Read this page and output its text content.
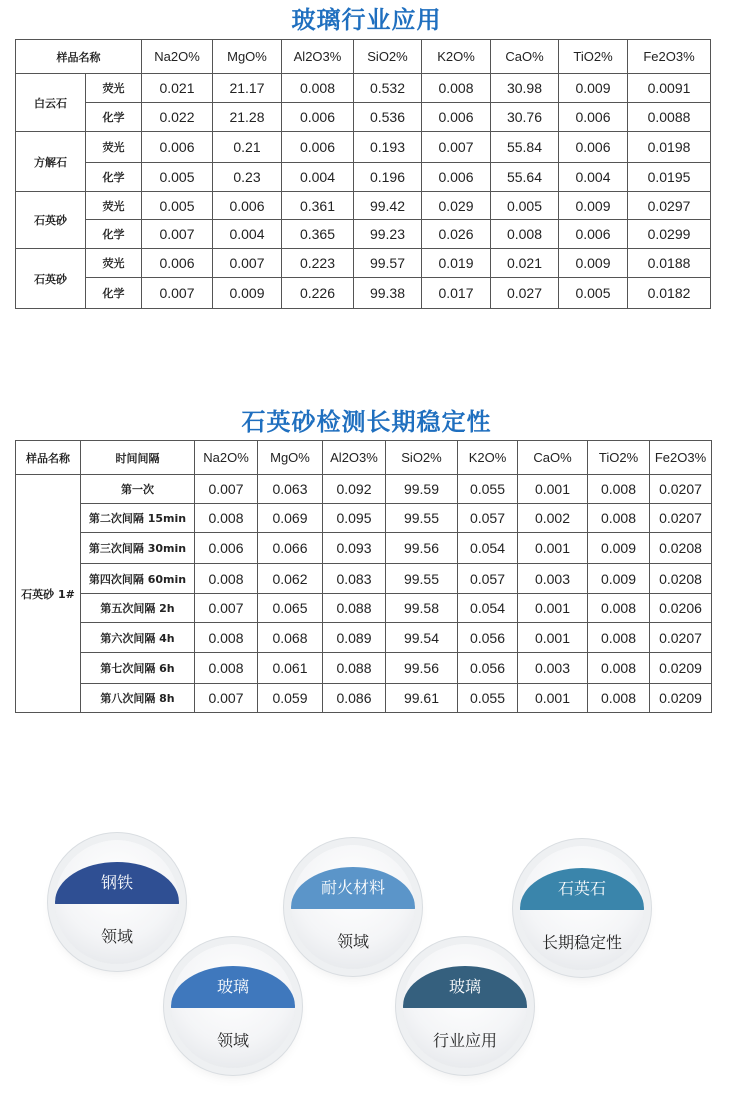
玻璃行业应用
样品名称		Na2O%	MgO%	Al2O3%	SiO2%	K2O%	CaO%	TiO2%	Fe2O3%
白云石	荧光	0.021	21.17	0.008	0.532	0.008	30.98	0.009	0.0091
	化学	0.022	21.28	0.006	0.536	0.006	30.76	0.006	0.0088
方解石	荧光	0.006	0.21	0.006	0.193	0.007	55.84	0.006	0.0198
	化学	0.005	0.23	0.004	0.196	0.006	55.64	0.004	0.0195
石英砂	荧光	0.005	0.006	0.361	99.42	0.029	0.005	0.009	0.0297
	化学	0.007	0.004	0.365	99.23	0.026	0.008	0.006	0.0299
石英砂	荧光	0.006	0.007	0.223	99.57	0.019	0.021	0.009	0.0188
	化学	0.007	0.009	0.226	99.38	0.017	0.027	0.005	0.0182
石英砂检测长期稳定性
样品名称	时间间隔	Na2O%	MgO%	Al2O3%	SiO2%	K2O%	CaO%	TiO2%	Fe2O3%
石英砂 1#	第一次	0.007	0.063	0.092	99.59	0.055	0.001	0.008	0.0207
	第二次间隔 15min	0.008	0.069	0.095	99.55	0.057	0.002	0.008	0.0207
	第三次间隔 30min	0.006	0.066	0.093	99.56	0.054	0.001	0.009	0.0208
	第四次间隔 60min	0.008	0.062	0.083	99.55	0.057	0.003	0.009	0.0208
	第五次间隔 2h	0.007	0.065	0.088	99.58	0.054	0.001	0.008	0.0206
	第六次间隔 4h	0.008	0.068	0.089	99.54	0.056	0.001	0.008	0.0207
	第七次间隔 6h	0.008	0.061	0.088	99.56	0.056	0.003	0.008	0.0209
	第八次间隔 8h	0.007	0.059	0.086	99.61	0.055	0.001	0.008	0.0209
钢铁
领域
耐火材料
领域
石英石
长期稳定性
玻璃
领域
玻璃
行业应用
